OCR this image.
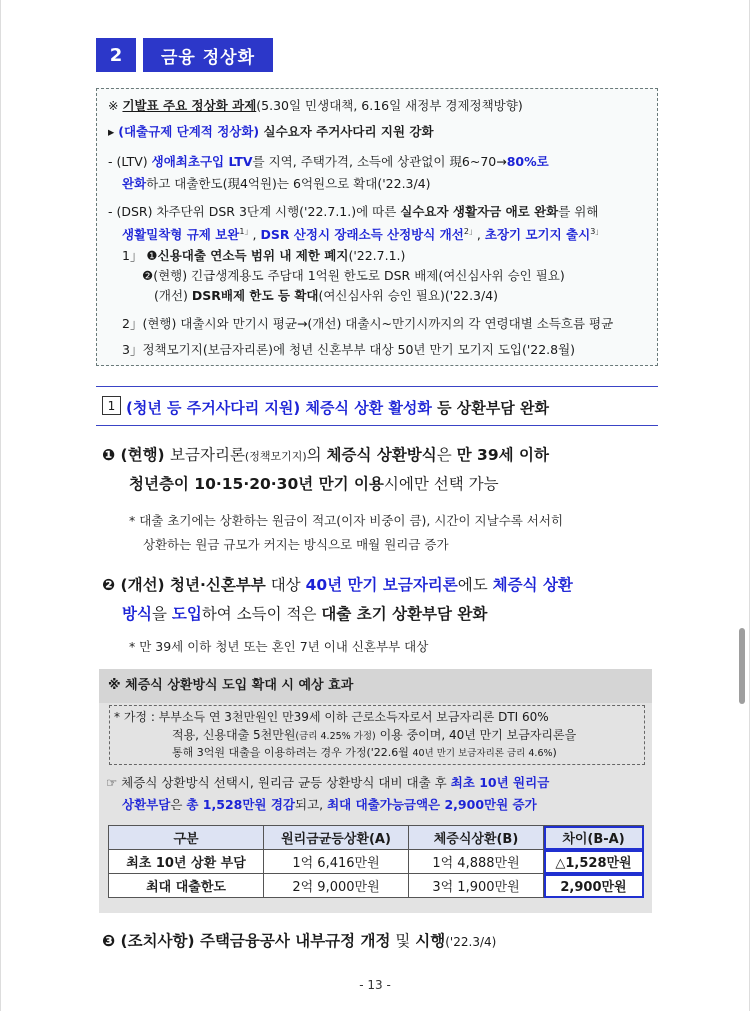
2	금융 정상화
※ 기발표 주요 정상화 과제(5.30일 민생대책, 6.16일 새정부 경제정책방향)
▸ (대출규제 단계적 정상화) 실수요자 주거사다리 지원 강화
- (LTV) 생애최초구입 LTV를 지역, 주택가격, 소득에 상관없이 現6~70→80%로
완화하고 대출한도(現4억원)는 6억원으로 확대('22.3/4)
- (DSR) 차주단위 DSR 3단계 시행('22.7.1.)에 따른 실수요자 생활자금 애로 완화를 위해
생활밀착형 규제 보완$^{1」}$, DSR 산정시 장래소득 산정방식 개선$^{2」}$, 초장기 모기지 출시$^{3」}$
1」 ❶신용대출 연소득 범위 내 제한 폐지('22.7.1.)
❷(현행) 긴급생계용도 주담대 1억원 한도로 DSR 배제(여신심사위 승인 필요)
(개선) DSR배제 한도 등 확대(여신심사위 승인 필요)('22.3/4)
2」(현행) 대출시와 만기시 평균→(개선) 대출시~만기시까지의 각 연령대별 소득흐름 평균
3」정책모기지(보금자리론)에 청년 신혼부부 대상 50년 만기 모기지 도입('22.8월)
1 (청년 등 주거사다리 지원) 체증식 상환 활성화 등 상환부담 완화
❶ (현행) 보금자리론(정책모기지)의 체증식 상환방식은 만 39세 이하
청년층이 10·15·20·30년 만기 이용시에만 선택 가능
* 대출 초기에는 상환하는 원금이 적고(이자 비중이 큼), 시간이 지날수록 서서히
상환하는 원금 규모가 커지는 방식으로 매월 원리금 증가
❷ (개선) 청년·신혼부부 대상 40년 만기 보금자리론에도 체증식 상환
방식을 도입하여 소득이 적은 대출 초기 상환부담 완화
* 만 39세 이하 청년 또는 혼인 7년 이내 신혼부부 대상
※ 체증식 상환방식 도입 확대 시 예상 효과
* 가정 : 부부소득 연 3천만원인 만39세 이하 근로소득자로서 보금자리론 DTI 60%
적용, 신용대출 5천만원(금리 4.25% 가정) 이용 중이며, 40년 만기 보금자리론을
통해 3억원 대출을 이용하려는 경우 가정('22.6월 40년 만기 보금자리론 금리 4.6%)
☞ 체증식 상환방식 선택시, 원리금 균등 상환방식 대비 대출 후 최초 10년 원리금
상환부담은 총 1,528만원 경감되고, 최대 대출가능금액은 2,900만원 증가
구분	원리금균등상환(A)	체증식상환(B)	차이(B-A)
최초 10년 상환 부담	1억 6,416만원	1억 4,888만원	△1,528만원
최대 대출한도	2억 9,000만원	3억 1,900만원	2,900만원
❸ (조치사항) 주택금융공사 내부규정 개정 및 시행('22.3/4)
- 13 -
